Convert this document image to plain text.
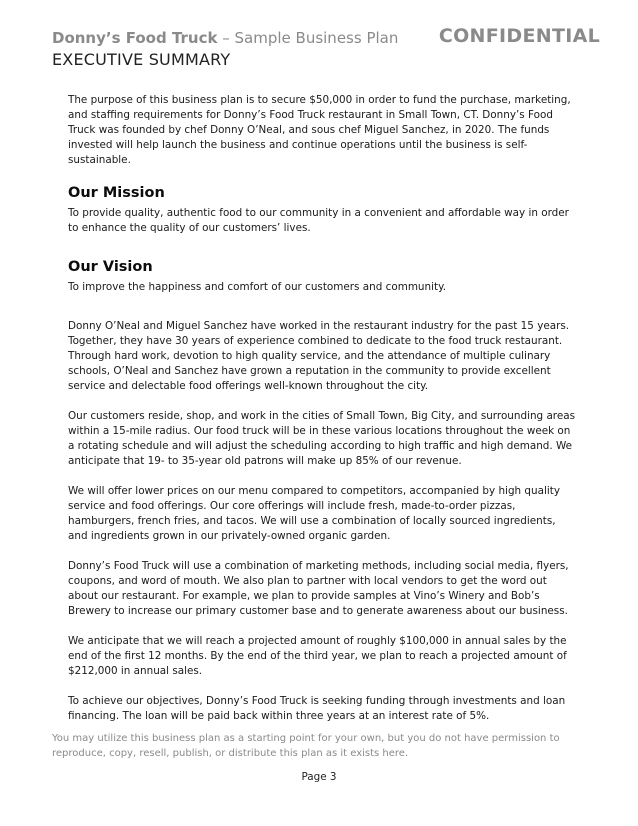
Donny’s Food Truck – Sample Business Plan CONFIDENTIAL
EXECUTIVE SUMMARY

The purpose of this business plan is to secure $50,000 in order to fund the purchase, marketing, and staffing requirements for Donny’s Food Truck restaurant in Small Town, CT. Donny’s Food Truck was founded by chef Donny O’Neal, and sous chef Miguel Sanchez, in 2020. The funds invested will help launch the business and continue operations until the business is self-sustainable.

Our Mission

To provide quality, authentic food to our community in a convenient and affordable way in order to enhance the quality of our customers’ lives.

Our Vision

To improve the happiness and comfort of our customers and community.

Donny O’Neal and Miguel Sanchez have worked in the restaurant industry for the past 15 years. Together, they have 30 years of experience combined to dedicate to the food truck restaurant. Through hard work, devotion to high quality service, and the attendance of multiple culinary schools, O’Neal and Sanchez have grown a reputation in the community to provide excellent service and delectable food offerings well-known throughout the city.

Our customers reside, shop, and work in the cities of Small Town, Big City, and surrounding areas within a 15-mile radius. Our food truck will be in these various locations throughout the week on a rotating schedule and will adjust the scheduling according to high traffic and high demand. We anticipate that 19- to 35-year old patrons will make up 85% of our revenue.

We will offer lower prices on our menu compared to competitors, accompanied by high quality service and food offerings. Our core offerings will include fresh, made-to-order pizzas, hamburgers, french fries, and tacos. We will use a combination of locally sourced ingredients, and ingredients grown in our privately-owned organic garden.

Donny’s Food Truck will use a combination of marketing methods, including social media, flyers, coupons, and word of mouth. We also plan to partner with local vendors to get the word out about our restaurant. For example, we plan to provide samples at Vino’s Winery and Bob’s Brewery to increase our primary customer base and to generate awareness about our business.

We anticipate that we will reach a projected amount of roughly $100,000 in annual sales by the end of the first 12 months. By the end of the third year, we plan to reach a projected amount of $212,000 in annual sales.

To achieve our objectives, Donny’s Food Truck is seeking funding through investments and loan financing. The loan will be paid back within three years at an interest rate of 5%.

You may utilize this business plan as a starting point for your own, but you do not have permission to reproduce, copy, resell, publish, or distribute this plan as it exists here.
Page 3
